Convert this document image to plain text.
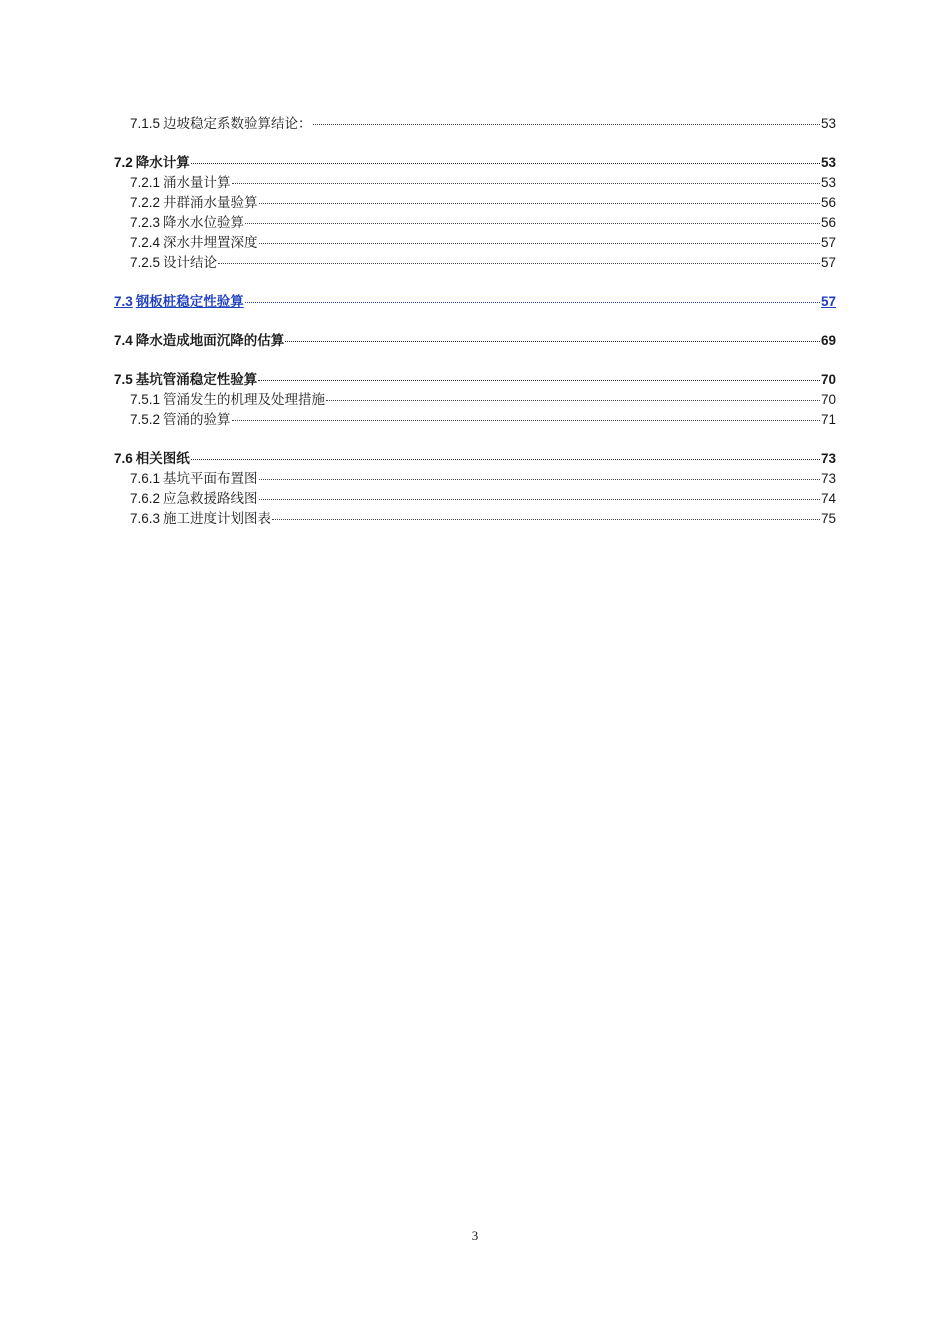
7.1.5 边坡稳定系数验算结论：	53
7.2 降水计算	53
7.2.1 涌水量计算	53
7.2.2 井群涌水量验算	56
7.2.3 降水水位验算	56
7.2.4 深水井埋置深度	57
7.2.5 设计结论	57
7.3 钢板桩稳定性验算	57
7.4 降水造成地面沉降的估算	69
7.5 基坑管涌稳定性验算	70
7.5.1 管涌发生的机理及处理措施	70
7.5.2 管涌的验算	71
7.6 相关图纸	73
7.6.1 基坑平面布置图	73
7.6.2 应急救援路线图	74
7.6.3 施工进度计划图表	75
3
